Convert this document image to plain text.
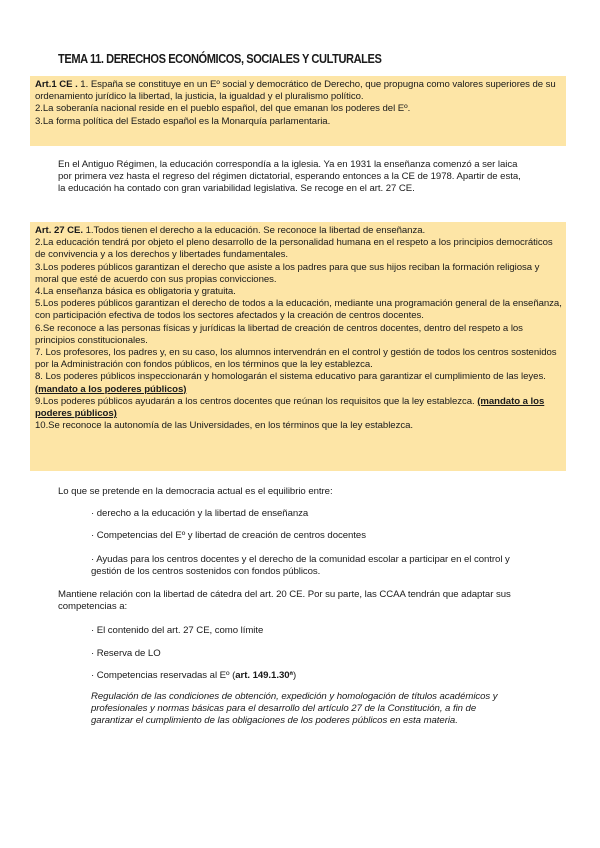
TEMA 11. DERECHOS ECONÓMICOS, SOCIALES Y CULTURALES

Art.1 CE . 1. España se constituye en un Eº social y democrático de Derecho, que propugna como valores superiores de su ordenamiento jurídico la libertad, la justicia, la igualdad y el pluralismo político.

2.La soberanía nacional reside en el pueblo español, del que emanan los poderes del Eº.

3.La forma política del Estado español es la Monarquía parlamentaria.

En el Antiguo Régimen, la educación correspondía a la iglesia. Ya en 1931 la enseñanza comenzó a ser laica por primera vez hasta el regreso del régimen dictatorial, esperando entonces a la CE de 1978. Apartir de esta, la educación ha contado con gran variabilidad legislativa. Se recoge en el art. 27 CE.

Art. 27 CE. 1.Todos tienen el derecho a la educación. Se reconoce la libertad de enseñanza.

2.La educación tendrá por objeto el pleno desarrollo de la personalidad humana en el respeto a los principios democráticos de convivencia y a los derechos y libertades fundamentales.

3.Los poderes públicos garantizan el derecho que asiste a los padres para que sus hijos reciban la formación religiosa y moral que esté de acuerdo con sus propias convicciones.

4.La enseñanza básica es obligatoria y gratuita.

5.Los poderes públicos garantizan el derecho de todos a la educación, mediante una programación general de la enseñanza, con participación efectiva de todos los sectores afectados y la creación de centros docentes.

6.Se reconoce a las personas físicas y jurídicas la libertad de creación de centros docentes, dentro del respeto a los principios constitucionales.

7. Los profesores, los padres y, en su caso, los alumnos intervendrán en el control y gestión de todos los centros sostenidos por la Administración con fondos públicos, en los términos que la ley establezca.

8. Los poderes públicos inspeccionarán y homologarán el sistema educativo para garantizar el cumplimiento de las leyes. (mandato a los poderes públicos)

9.Los poderes públicos ayudarán a los centros docentes que reúnan los requisitos que la ley establezca. (mandato a los poderes públicos)

10.Se reconoce la autonomía de las Universidades, en los términos que la ley establezca.

Lo que se pretende en la democracia actual es el equilibrio entre:

· derecho a la educación y la libertad de enseñanza

· Competencias del Eº y libertad de creación de centros docentes

· Ayudas para los centros docentes y el derecho de la comunidad escolar a participar en el control y gestión de los centros sostenidos con fondos públicos.

Mantiene relación con la libertad de cátedra del art. 20 CE. Por su parte, las CCAA tendrán que adaptar sus competencias a:

· El contenido del art. 27 CE, como límite

· Reserva de LO

· Competencias reservadas al Eº (art. 149.1.30ª)

Regulación de las condiciones de obtención, expedición y homologación de títulos académicos y profesionales y normas básicas para el desarrollo del artículo 27 de la Constitución, a fin de garantizar el cumplimiento de las obligaciones de los poderes públicos en esta materia.
